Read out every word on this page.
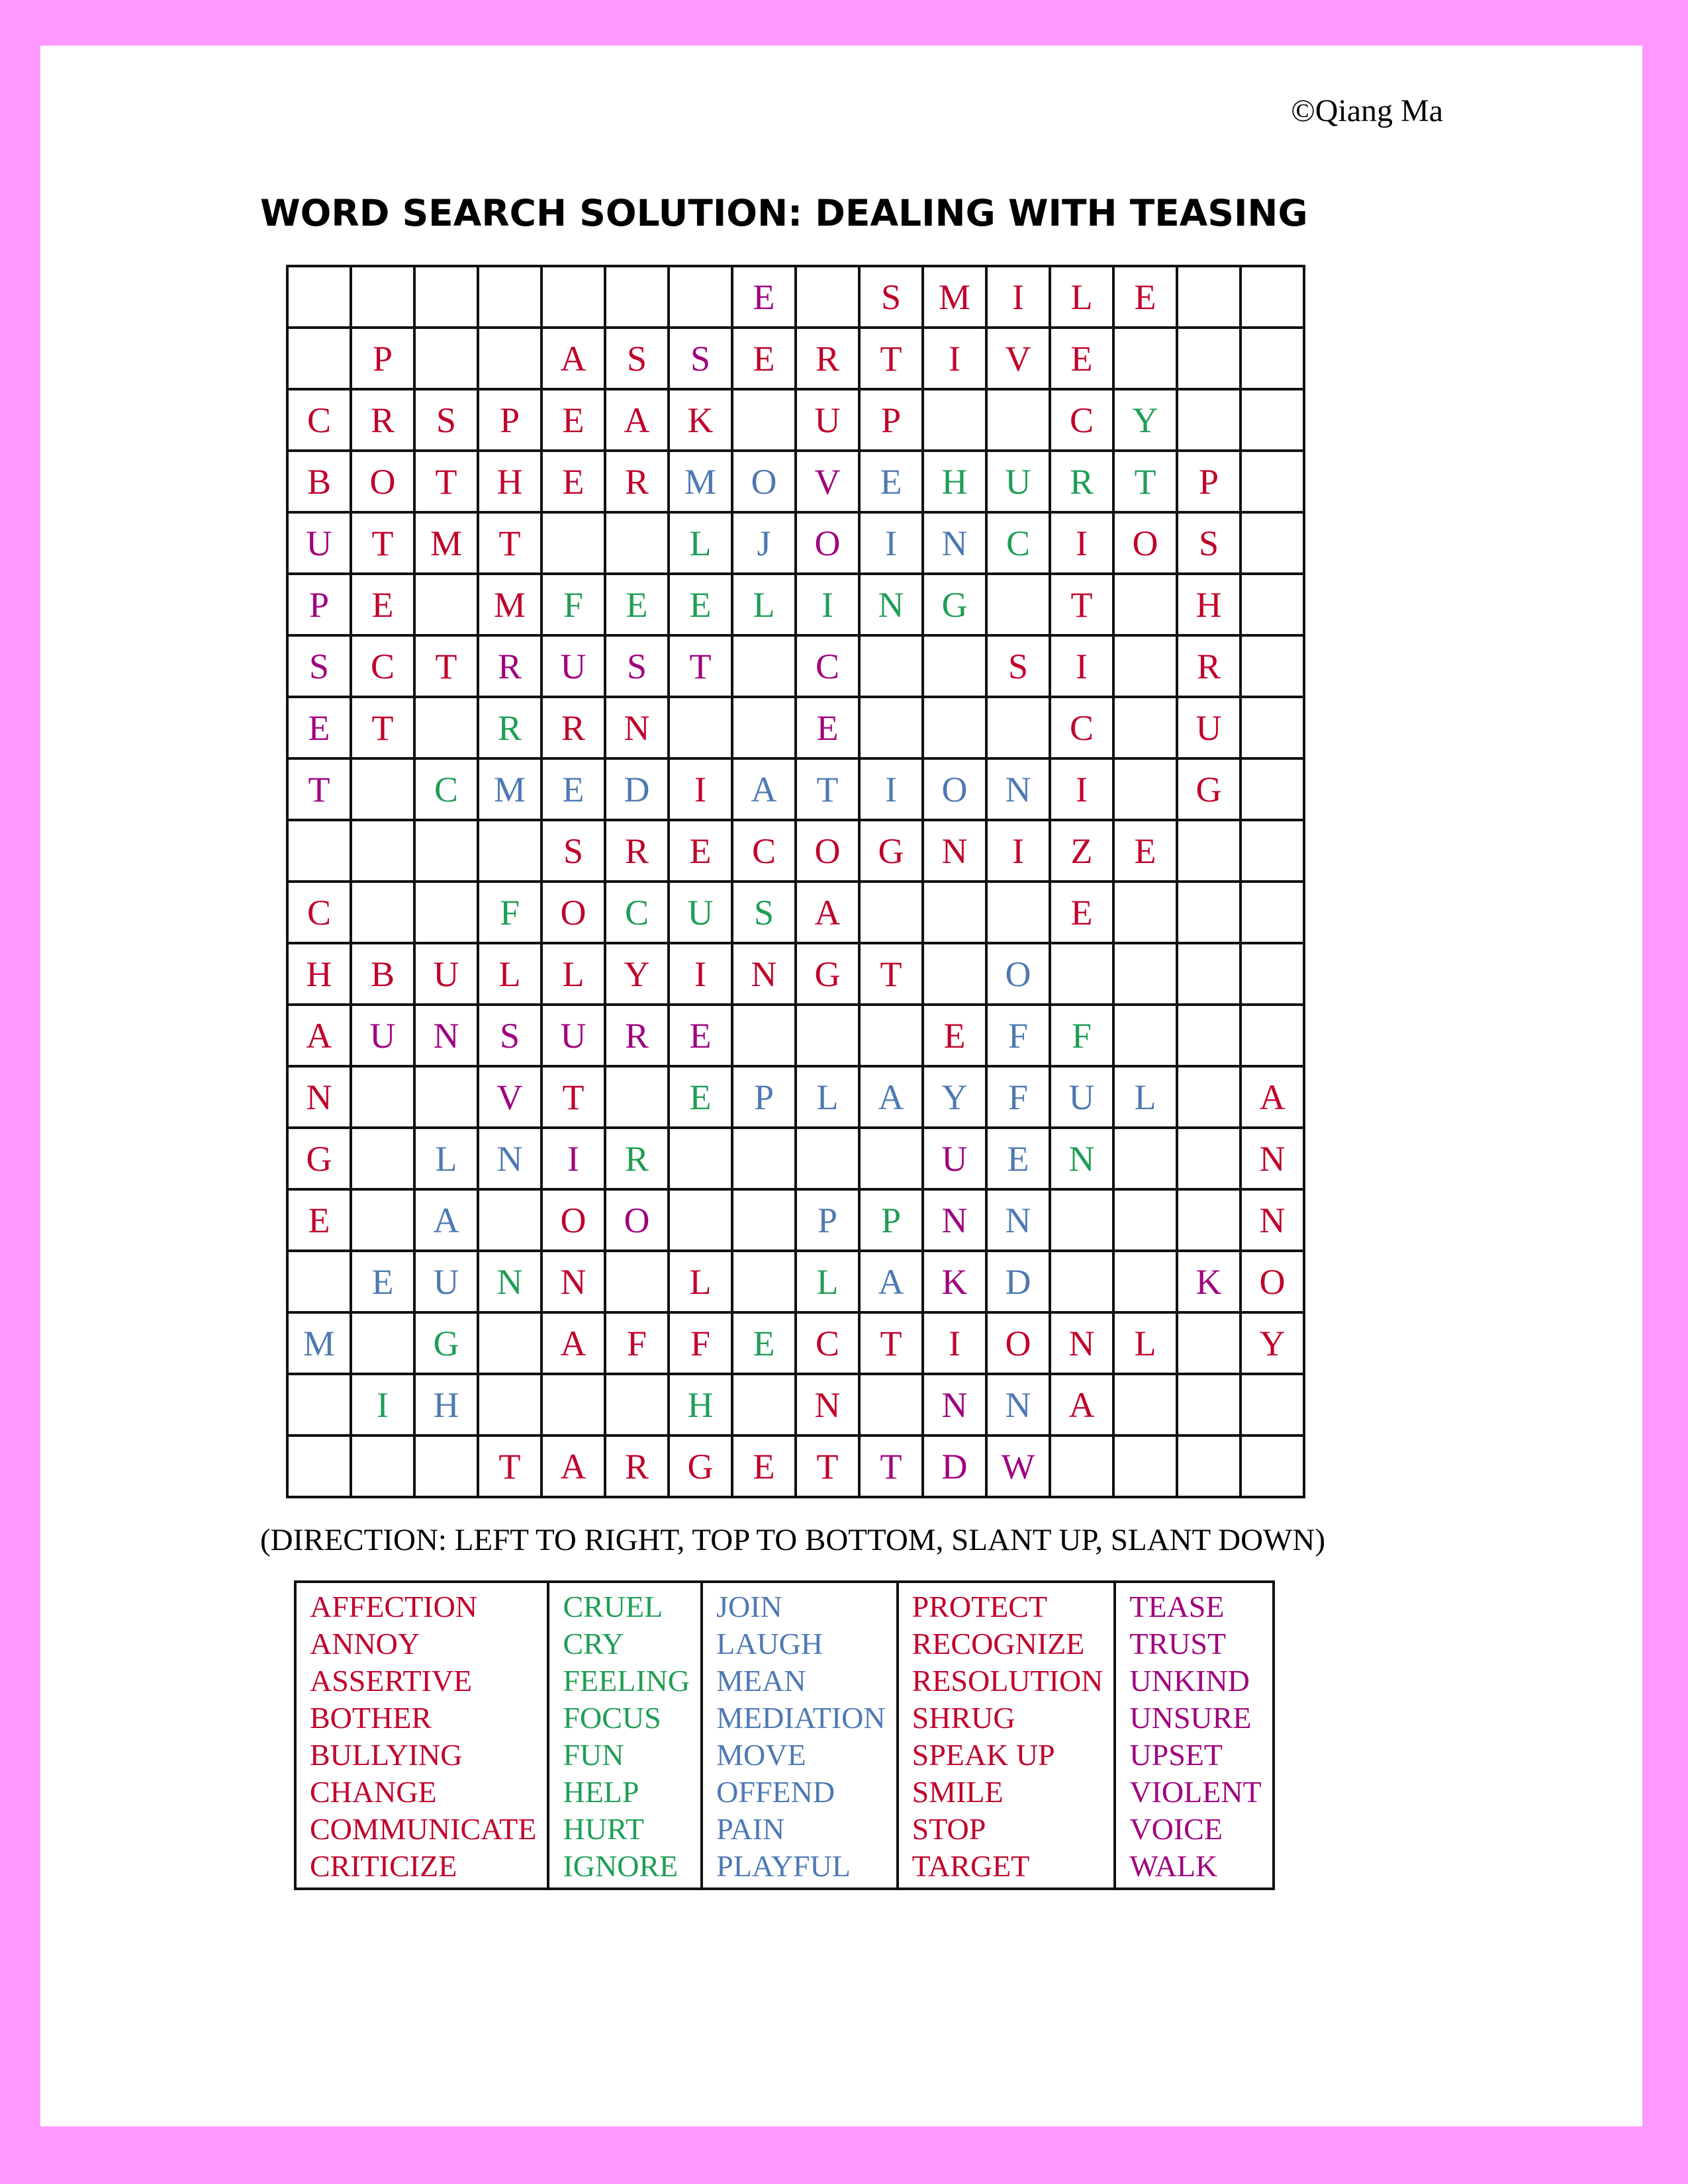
©Qiang Ma
WORD SEARCH SOLUTION: DEALING WITH TEASING
							E		S	M	I	L	E		
	P			A	S	S	E	R	T	I	V	E			
C	R	S	P	E	A	K		U	P			C	Y		
B	O	T	H	E	R	M	O	V	E	H	U	R	T	P	
U	T	M	T			L	J	O	I	N	C	I	O	S	
P	E		M	F	E	E	L	I	N	G		T		H	
S	C	T	R	U	S	T		C			S	I		R	
E	T		R	R	N			E				C		U	
T		C	M	E	D	I	A	T	I	O	N	I		G	
				S	R	E	C	O	G	N	I	Z	E		
C			F	O	C	U	S	A				E			
H	B	U	L	L	Y	I	N	G	T		O				
A	U	N	S	U	R	E				E	F	F			
N			V	T		E	P	L	A	Y	F	U	L		A
G		L	N	I	R					U	E	N			N
E		A		O	O			P	P	N	N				N
	E	U	N	N		L		L	A	K	D			K	O
M		G		A	F	F	E	C	T	I	O	N	L		Y
	I	H				H		N		N	N	A			
			T	A	R	G	E	T	T	D	W				
(DIRECTION: LEFT TO RIGHT, TOP TO BOTTOM, SLANT UP, SLANT DOWN)
AFFECTION
ANNOY
ASSERTIVE
BOTHER
BULLYING
CHANGE
COMMUNICATE
CRITICIZE

CRUEL
CRY
FEELING
FOCUS
FUN
HELP
HURT
IGNORE

JOIN
LAUGH
MEAN
MEDIATION
MOVE
OFFEND
PAIN
PLAYFUL

PROTECT
RECOGNIZE
RESOLUTION
SHRUG
SPEAK UP
SMILE
STOP
TARGET

TEASE
TRUST
UNKIND
UNSURE
UPSET
VIOLENT
VOICE
WALK
